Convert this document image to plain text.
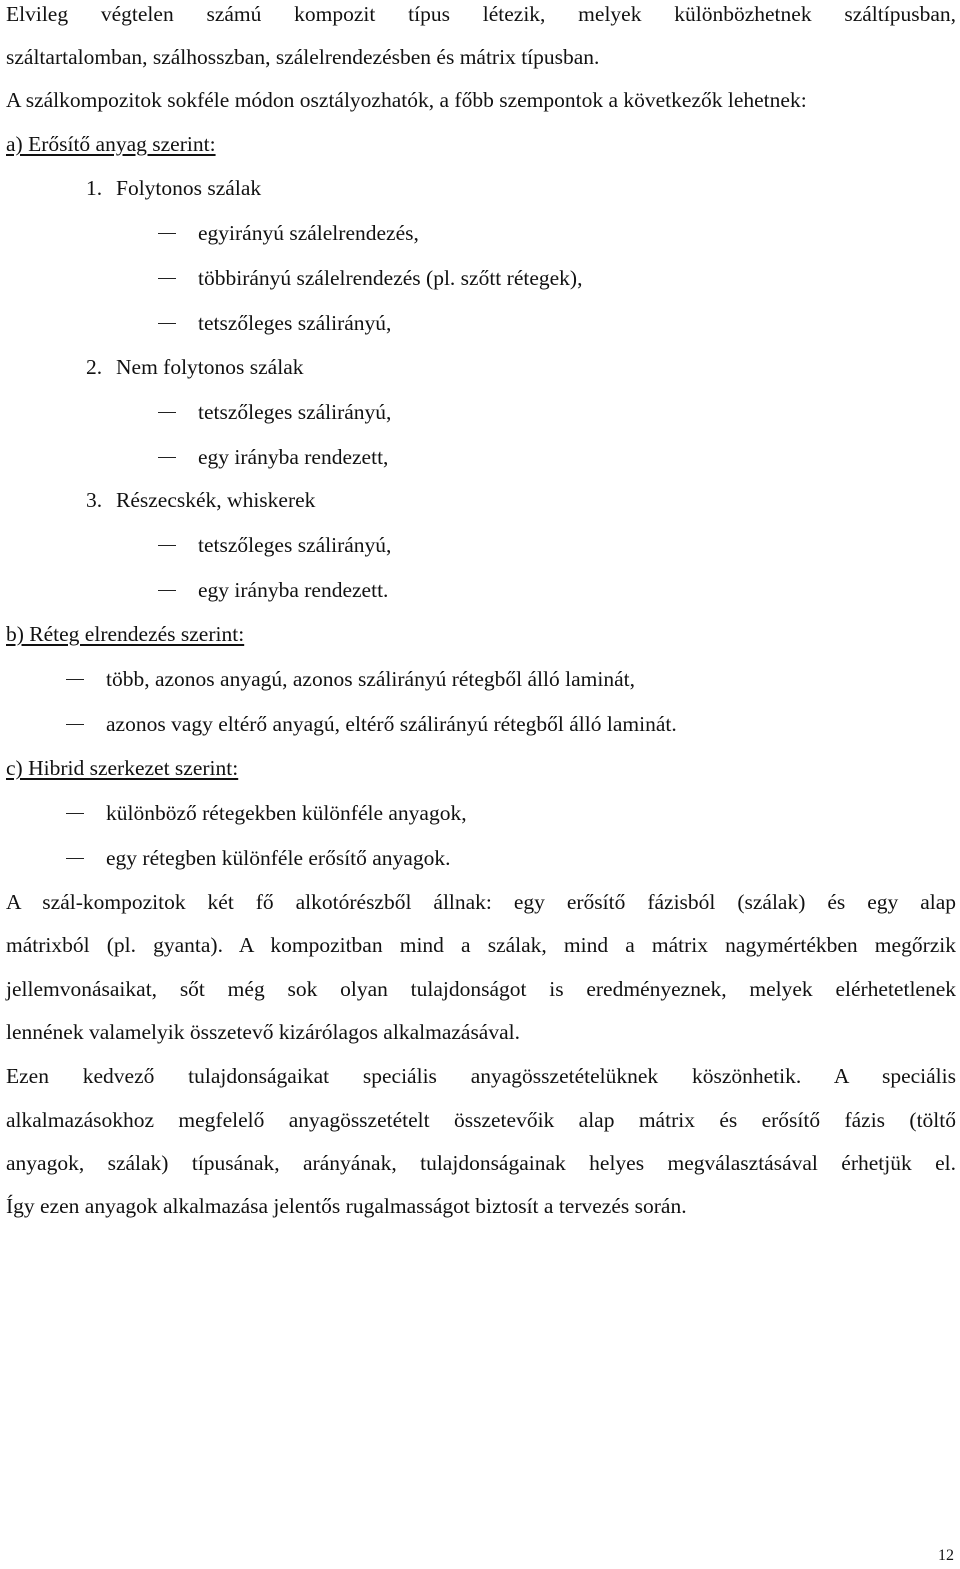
Elvileg végtelen számú kompozit típus létezik, melyek különbözhetnek száltípusban,
száltartalomban, szálhosszban, szálelrendezésben és mátrix típusban.
A szálkompozitok sokféle módon osztályozhatók, a főbb szempontok a következők lehetnek:
a) Erősítő anyag szerint:
1. Folytonos szálak
egyirányú szálelrendezés,
többirányú szálelrendezés (pl. szőtt rétegek),
tetszőleges szálirányú,
2. Nem folytonos szálak
tetszőleges szálirányú,
egy irányba rendezett,
3. Részecskék, whiskerek
tetszőleges szálirányú,
egy irányba rendezett.
b) Réteg elrendezés szerint:
több, azonos anyagú, azonos szálirányú rétegből álló laminát,
azonos vagy eltérő anyagú, eltérő szálirányú rétegből álló laminát.
c) Hibrid szerkezet szerint:
különböző rétegekben különféle anyagok,
egy rétegben különféle erősítő anyagok.
A szál-kompozitok két fő alkotórészből állnak: egy erősítő fázisból (szálak) és egy alap
mátrixból (pl. gyanta). A kompozitban mind a szálak, mind a mátrix nagymértékben megőrzik
jellemvonásaikat, sőt még sok olyan tulajdonságot is eredményeznek, melyek elérhetetlenek
lennének valamelyik összetevő kizárólagos alkalmazásával.
Ezen kedvező tulajdonságaikat speciális anyagösszetételüknek köszönhetik. A speciális
alkalmazásokhoz megfelelő anyagösszetételt összetevőik alap mátrix és erősítő fázis (töltő
anyagok, szálak) típusának, arányának, tulajdonságainak helyes megválasztásával érhetjük el.
Így ezen anyagok alkalmazása jelentős rugalmasságot biztosít a tervezés során.
12
